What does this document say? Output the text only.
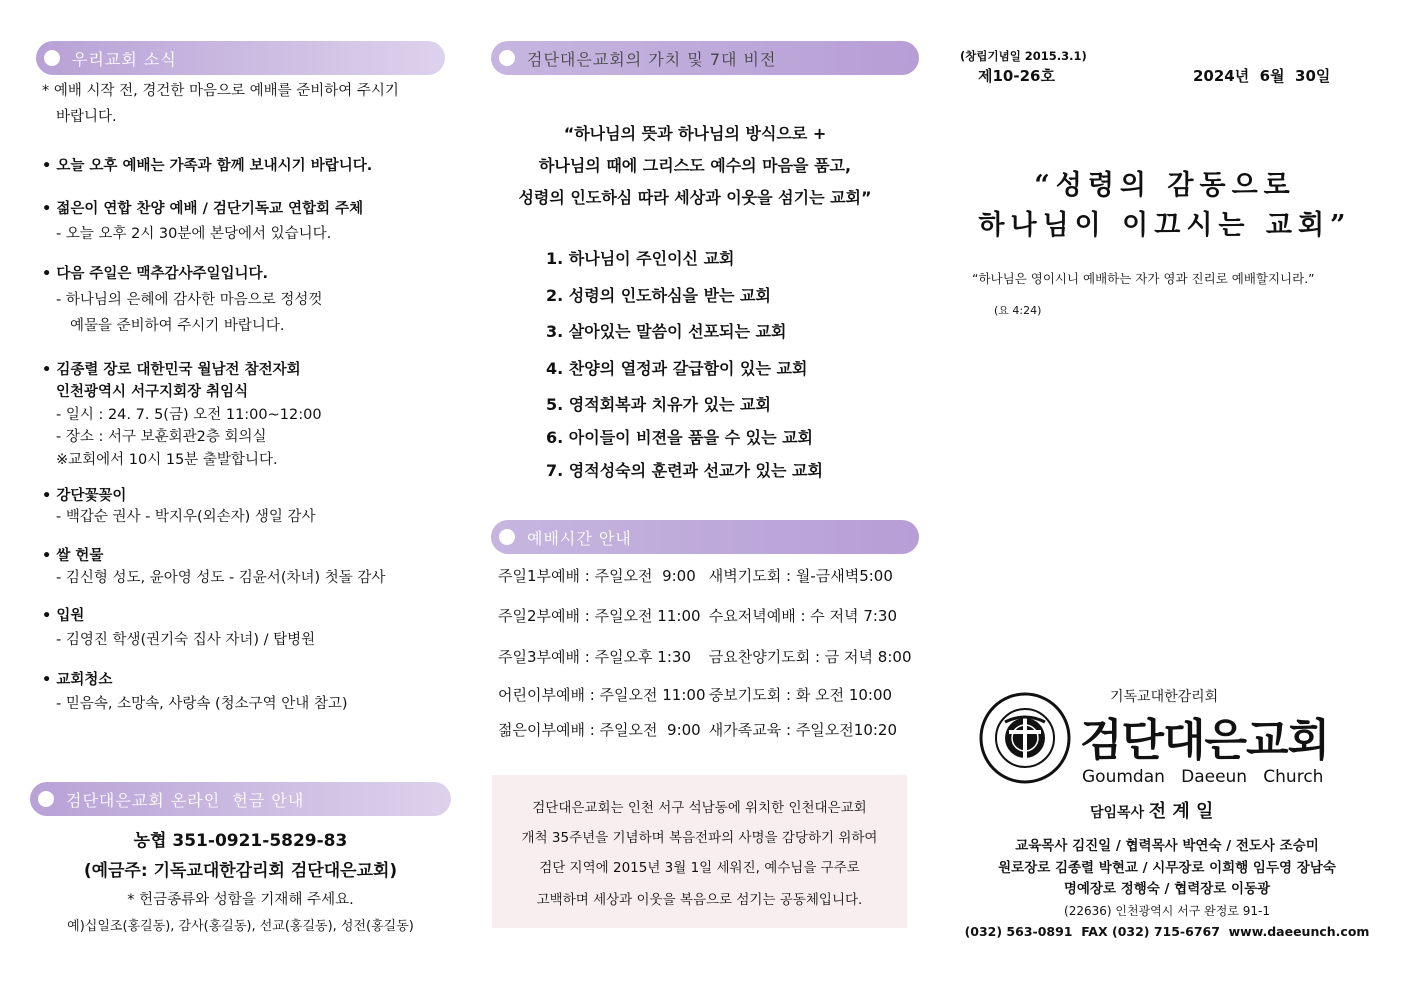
우리교회 소식
* 예배 시작 전, 경건한 마음으로 예배를 준비하여 주시기
바랍니다.
• 오늘 오후 예배는 가족과 함께 보내시기 바랍니다.
• 젊은이 연합 찬양 예배 / 검단기독교 연합회 주체
- 오늘 오후 2시 30분에 본당에서 있습니다.
• 다음 주일은 맥추감사주일입니다.
- 하나님의 은혜에 감사한 마음으로 정성껏
예물을 준비하여 주시기 바랍니다.
• 김종렬 장로 대한민국 월남전 참전자회
인천광역시 서구지회장 취임식
- 일시 : 24. 7. 5(금) 오전 11:00~12:00
- 장소 : 서구 보훈회관2층 회의실
※교회에서 10시 15분 출발합니다.
• 강단꽃꽂이
- 백갑순 권사 - 박지우(외손자) 생일 감사
• 쌀 헌물
- 김신형 성도, 윤아영 성도 - 김윤서(차녀) 첫돌 감사
• 입원
- 김영진 학생(권기숙 집사 자녀) / 탑병원
• 교회청소
- 믿음속, 소망속, 사랑속 (청소구역 안내 참고)
검단대은교회 온라인  헌금 안내
농협 351-0921-5829-83
(예금주: 기독교대한감리회 검단대은교회)
* 헌금종류와 성함을 기재해 주세요.
예)십일조(홍길동), 감사(홍길동), 선교(홍길동), 성전(홍길동)
검단대은교회의 가치 및 7대 비전
“하나님의 뜻과 하나님의 방식으로 +
하나님의 때에 그리스도 예수의 마음을 품고,
성령의 인도하심 따라 세상과 이웃을 섬기는 교회”
1. 하나님이 주인이신 교회
2. 성령의 인도하심을 받는 교회
3. 살아있는 말씀이 선포되는 교회
4. 찬양의 열정과 갈급함이 있는 교회
5. 영적회복과 치유가 있는 교회
6. 아이들이 비젼을 품을 수 있는 교회
7. 영적성숙의 훈련과 선교가 있는 교회
예배시간 안내
주일1부예배 : 주일오전  9:00 새벽기도회 : 월-금새벽5:00
주일2부예배 : 주일오전 11:00 수요저녁예배 : 수 저녁 7:30
주일3부예배 : 주일오후 1:30 금요찬양기도회 : 금 저녁 8:00
어린이부예배 : 주일오전 11:00 중보기도회 : 화 오전 10:00
젊은이부예배 : 주일오전  9:00 새가족교육 : 주일오전10:20
검단대은교회는 인천 서구 석남동에 위치한 인천대은교회
개척 35주년을 기념하며 복음전파의 사명을 감당하기 위하여
검단 지역에 2015년 3월 1일 세워진, 예수님을 구주로
고백하며 세상과 이웃을 복음으로 섬기는 공동체입니다.
(창립기념일 2015.3.1)
제10-26호	2024년  6월  30일
“성령의 감동으로
하나님이 이끄시는 교회”
“하나님은 영이시니 예배하는 자가 영과 진리로 예배할지니라.”
(요 4:24)
기독교대한감리회
검단대은교회
Goumdan   Daeeun   Church
담임목사 전 계 일
교육목사 김진일 / 협력목사 박연숙 / 전도사 조승미
원로장로 김종렬 박현교 / 시무장로 이희행 임두영 장남숙
명예장로 정행숙 / 협력장로 이동광
(22636) 인천광역시 서구 완정로 91-1
(032) 563-0891  FAX (032) 715-6767  www.daeeunch.com
